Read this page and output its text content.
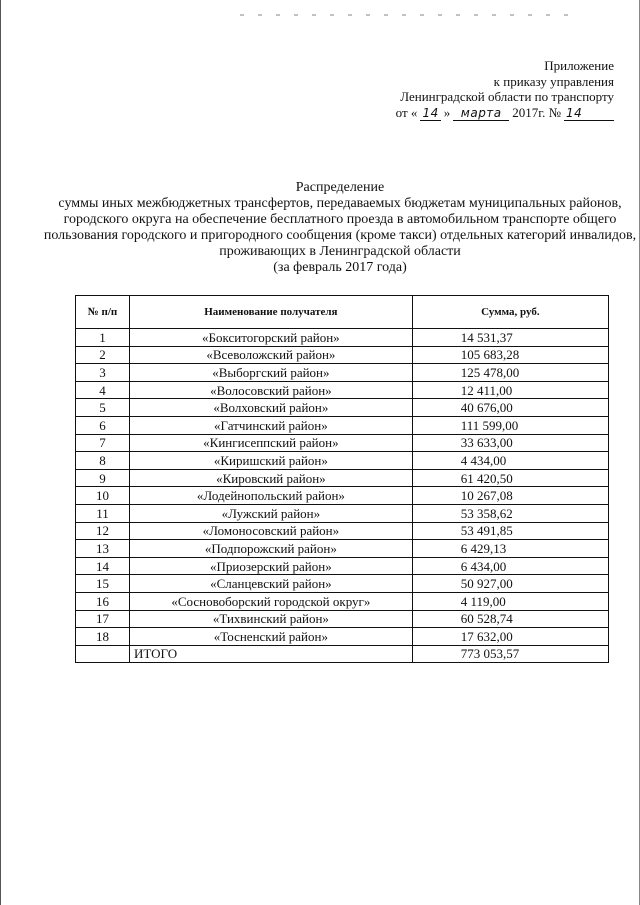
Приложение
к приказу управления
Ленинградской области по транспорту
от « 14 » марта 2017г. № 14
Распределение
суммы иных межбюджетных трансфертов, передаваемых бюджетам муниципальных районов, городского округа на обеспечение бесплатного проезда в автомобильном транспорте общего пользования городского и пригородного сообщения (кроме такси) отдельных категорий инвалидов, проживающих в Ленинградской области
(за февраль 2017 года)
№ п/п	Наименование получателя	Сумма, руб.
1	«Бокситогорский район»	14 531,37
2	«Всеволожский район»	105 683,28
3	«Выборгский район»	125 478,00
4	«Волосовский район»	12 411,00
5	«Волховский район»	40 676,00
6	«Гатчинский район»	111 599,00
7	«Кингисеппский район»	33 633,00
8	«Киришский район»	4 434,00
9	«Кировский район»	61 420,50
10	«Лодейнопольский район»	10 267,08
11	«Лужский район»	53 358,62
12	«Ломоносовский район»	53 491,85
13	«Подпорожский район»	6 429,13
14	«Приозерский район»	6 434,00
15	«Сланцевский район»	50 927,00
16	«Сосновоборский городской округ»	4 119,00
17	«Тихвинский район»	60 528,74
18	«Тосненский район»	17 632,00
	ИТОГО	773 053,57
